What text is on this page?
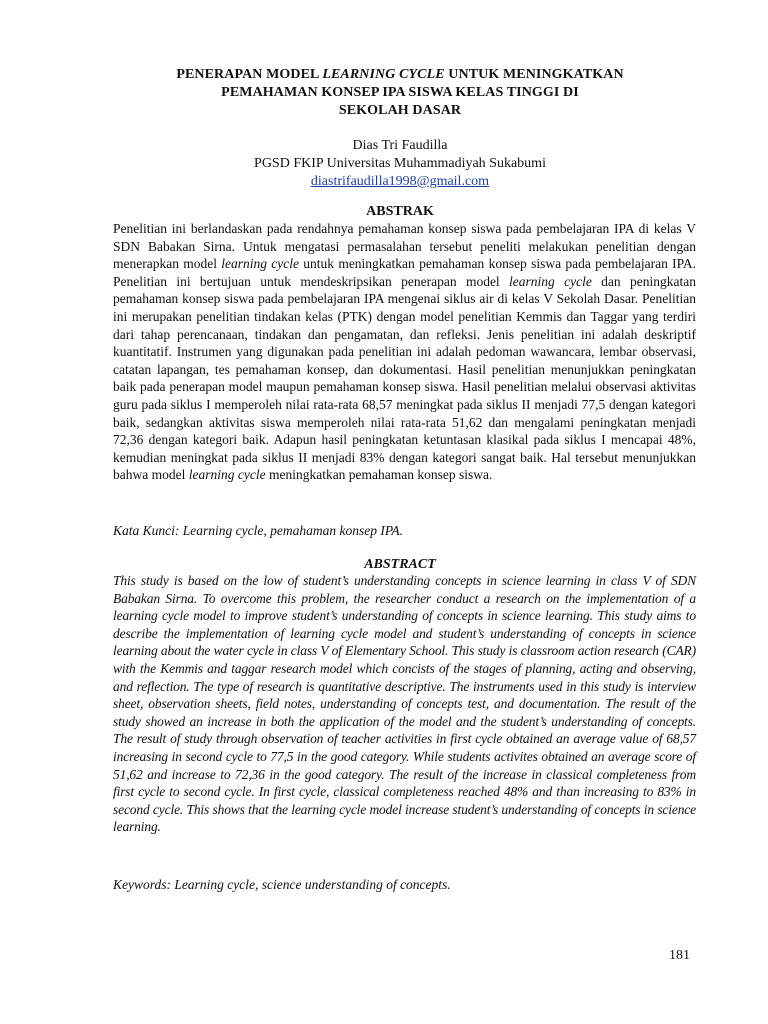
PENERAPAN MODEL LEARNING CYCLE UNTUK MENINGKATKAN
PEMAHAMAN KONSEP IPA SISWA KELAS TINGGI DI
SEKOLAH DASAR
Dias Tri Faudilla
PGSD FKIP Universitas Muhammadiyah Sukabumi
diastrifaudilla1998@gmail.com
ABSTRAK
Penelitian ini berlandaskan pada rendahnya pemahaman konsep siswa pada pembelajaran IPA di kelas V SDN Babakan Sirna. Untuk mengatasi permasalahan tersebut peneliti melakukan penelitian dengan menerapkan model learning cycle untuk meningkatkan pemahaman konsep siswa pada pembelajaran IPA. Penelitian ini bertujuan untuk mendeskripsikan penerapan model learning cycle dan peningkatan pemahaman konsep siswa pada pembelajaran IPA mengenai siklus air di kelas V Sekolah Dasar. Penelitian ini merupakan penelitian tindakan kelas (PTK) dengan model penelitian Kemmis dan Taggar yang terdiri dari tahap perencanaan, tindakan dan pengamatan, dan refleksi. Jenis penelitian ini adalah deskriptif kuantitatif. Instrumen yang digunakan pada penelitian ini adalah pedoman wawancara, lembar observasi, catatan lapangan, tes pemahaman konsep, dan dokumentasi. Hasil penelitian menunjukkan peningkatan baik pada penerapan model maupun pemahaman konsep siswa. Hasil penelitian melalui observasi aktivitas guru pada siklus I memperoleh nilai rata-rata 68,57 meningkat pada siklus II menjadi 77,5 dengan kategori baik, sedangkan aktivitas siswa memperoleh nilai rata-rata 51,62 dan mengalami peningkatan menjadi 72,36 dengan kategori baik. Adapun hasil peningkatan ketuntasan klasikal pada siklus I mencapai 48%, kemudian meningkat pada siklus II menjadi 83% dengan kategori sangat baik. Hal tersebut menunjukkan bahwa model learning cycle meningkatkan pemahaman konsep siswa.
Kata Kunci: Learning cycle, pemahaman konsep IPA.
ABSTRACT
This study is based on the low of student’s understanding concepts in science learning in class V of SDN Babakan Sirna. To overcome this problem, the researcher conduct a research on the implementation of a learning cycle model to improve student’s understanding of concepts in science learning. This study aims to describe the implementation of learning cycle model and student’s understanding of concepts in science learning about the water cycle in class V of Elementary School. This study is classroom action research (CAR) with the Kemmis and taggar research model which concists of the stages of planning, acting and observing, and reflection. The type of research is quantitative descriptive. The instruments used in this study is interview sheet, observation sheets, field notes, understanding of concepts test, and documentation. The result of the study showed an increase in both the application of the model and the student’s understanding of concepts. The result of study through observation of teacher activities in first cycle obtained an average value of 68,57 increasing in second cycle to 77,5 in the good category. While students activites obtained an average score of 51,62 and increase to 72,36 in the good category. The result of the increase in classical completeness from first cycle to second cycle. In first cycle, classical completeness reached 48% and than increasing to 83% in second cycle. This shows that the learning cycle model increase student’s understanding of concepts in science learning.
Keywords: Learning cycle, science understanding of concepts.
181
